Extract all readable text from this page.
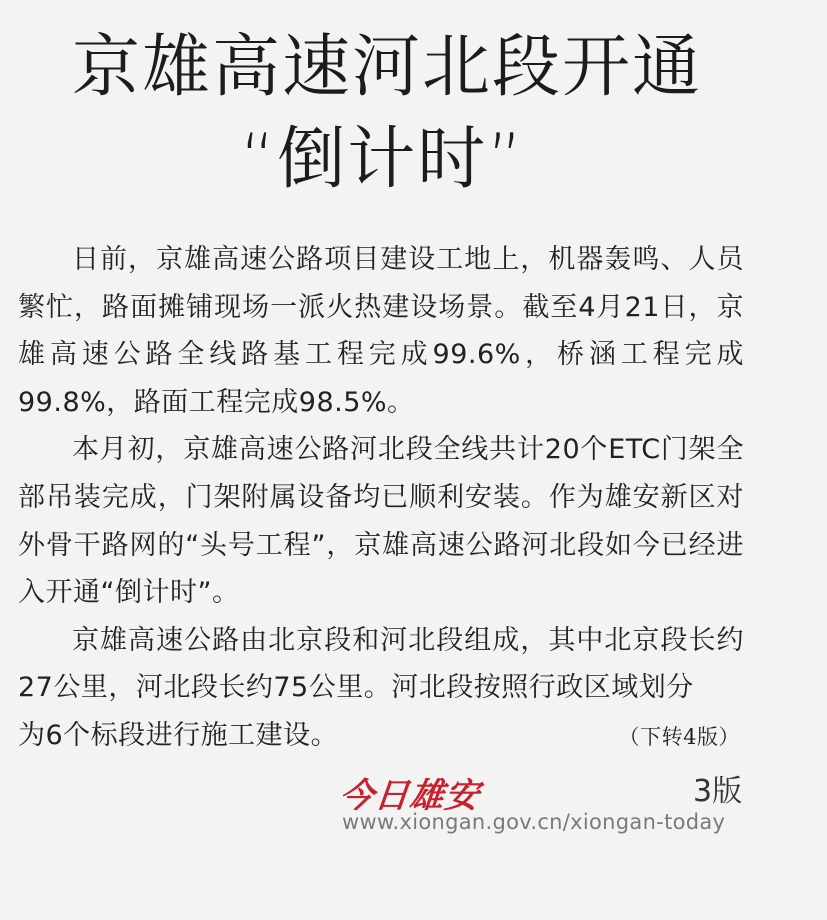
京雄高速河北段开通
“倒计时”

日前，京雄高速公路项目建设工地上，机器轰鸣、人员繁忙，路面摊铺现场一派火热建设场景。截至4月21日，京雄高速公路全线路基工程完成99.6%，桥涵工程完成99.8%，路面工程完成98.5%。

本月初，京雄高速公路河北段全线共计20个ETC门架全部吊装完成，门架附属设备均已顺利安装。作为雄安新区对外骨干路网的“头号工程”，京雄高速公路河北段如今已经进入开通“倒计时”。

京雄高速公路由北京段和河北段组成，其中北京段长约27公里，河北段长约75公里。河北段按照行政区域划分

为6个标段进行施工建设。	（下转4版）
今日雄安	3版
www.xiongan.gov.cn/xiongan-today
